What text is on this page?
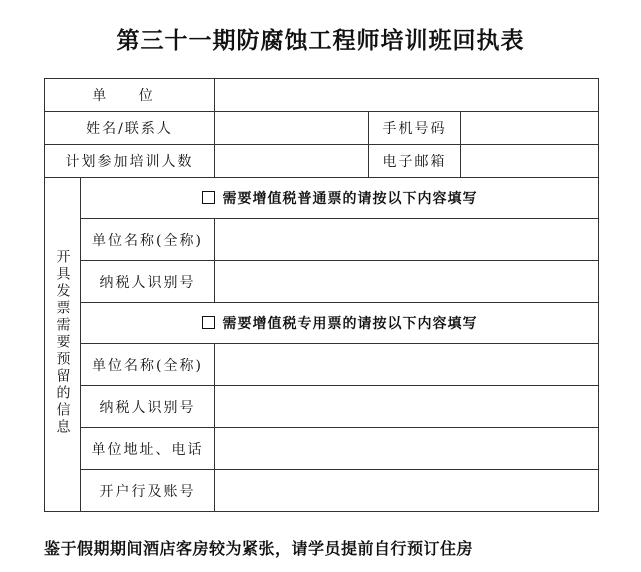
第三十一期防腐蚀工程师培训班回执表
单 位				
姓名/联系人			手机号码	
计划参加培训人数			电子邮箱	
开具发票需要预留的信息	需要增值税普通票的请按以下内容填写			
	单位名称(全称)			
	纳税人识别号			
	需要增值税专用票的请按以下内容填写			
	单位名称(全称)			
	纳税人识别号			
	单位地址、电话			
	开户行及账号			
鉴于假期期间酒店客房较为紧张，请学员提前自行预订住房
